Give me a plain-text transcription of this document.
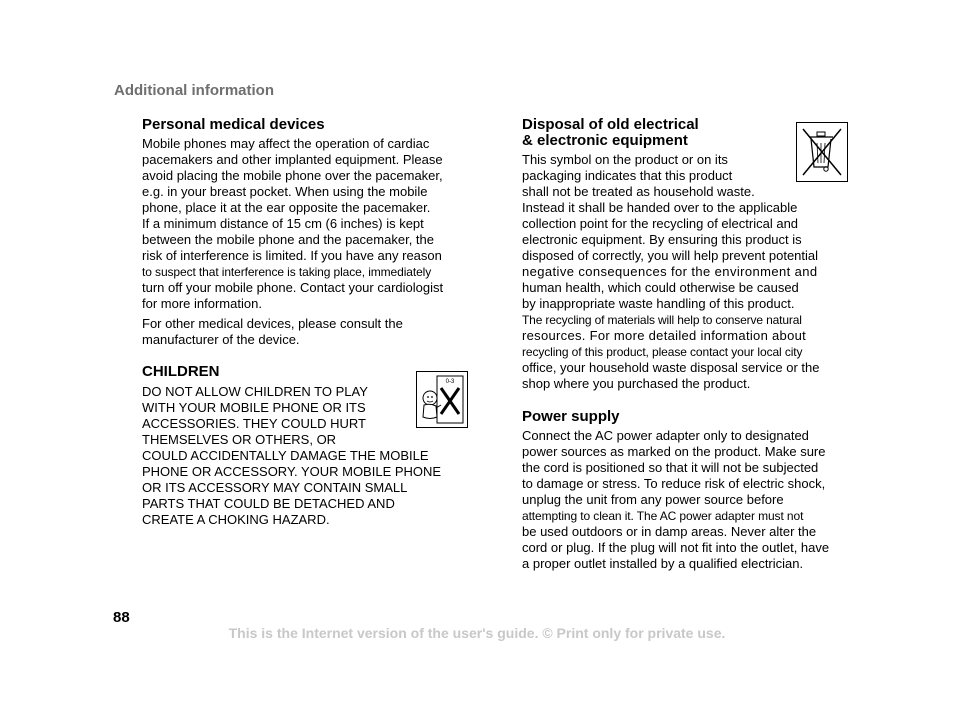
Additional information
Personal medical devices
Mobile phones may affect the operation of cardiac
pacemakers and other implanted equipment. Please
avoid placing the mobile phone over the pacemaker,
e.g. in your breast pocket. When using the mobile
phone, place it at the ear opposite the pacemaker.
If a minimum distance of 15 cm (6 inches) is kept
between the mobile phone and the pacemaker, the
risk of interference is limited. If you have any reason
to suspect that interference is taking place, immediately
turn off your mobile phone. Contact your cardiologist
for more information.
For other medical devices, please consult the
manufacturer of the device.
CHILDREN
DO NOT ALLOW CHILDREN TO PLAY
WITH YOUR MOBILE PHONE OR ITS
ACCESSORIES. THEY COULD HURT
THEMSELVES OR OTHERS, OR
COULD ACCIDENTALLY DAMAGE THE MOBILE
PHONE OR ACCESSORY. YOUR MOBILE PHONE
OR ITS ACCESSORY MAY CONTAIN SMALL
PARTS THAT COULD BE DETACHED AND
CREATE A CHOKING HAZARD.
0-3
Disposal of old electrical
& electronic equipment
This symbol on the product or on its
packaging indicates that this product
shall not be treated as household waste.
Instead it shall be handed over to the applicable
collection point for the recycling of electrical and
electronic equipment. By ensuring this product is
disposed of correctly, you will help prevent potential
negative consequences for the environment and
human health, which could otherwise be caused
by inappropriate waste handling of this product.
The recycling of materials will help to conserve natural
resources. For more detailed information about
recycling of this product, please contact your local city
office, your household waste disposal service or the
shop where you purchased the product.
Power supply
Connect the AC power adapter only to designated
power sources as marked on the product. Make sure
the cord is positioned so that it will not be subjected
to damage or stress. To reduce risk of electric shock,
unplug the unit from any power source before
attempting to clean it. The AC power adapter must not
be used outdoors or in damp areas. Never alter the
cord or plug. If the plug will not fit into the outlet, have
a proper outlet installed by a qualified electrician.
88
This is the Internet version of the user's guide. © Print only for private use.
